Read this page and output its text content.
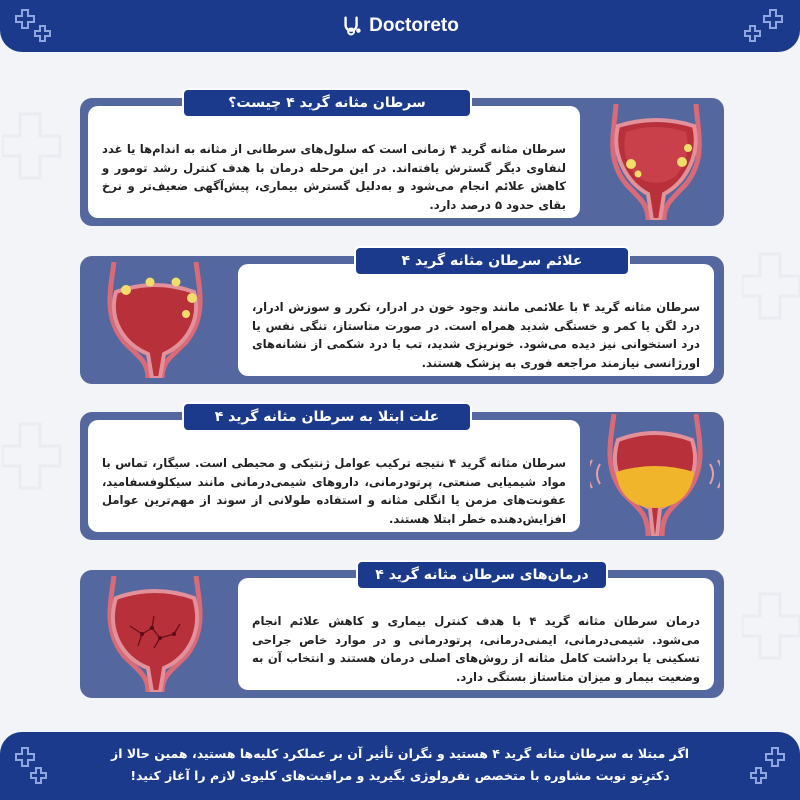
Doctoreto
سرطان مثانه گرید ۴ زمانی است که سلول‌های سرطانی از مثانه به اندام‌ها یا غدد لنفاوی دیگر گسترش یافته‌اند. در این مرحله درمان با هدف کنترل رشد تومور و کاهش علائم انجام می‌شود و به‌دلیل گسترش بیماری، پیش‌آگهی ضعیف‌تر و نرخ بقای حدود ۵ درصد دارد.
سرطان مثانه گرید ۴ چیست؟
سرطان مثانه گرید ۴ با علائمی مانند وجود خون در ادرار، تکرر و سوزش ادرار، درد لگن یا کمر و خستگی شدید همراه است. در صورت متاستاز، تنگی نفس یا درد استخوانی نیز دیده می‌شود. خونریزی شدید، تب یا درد شکمی از نشانه‌های اورژانسی نیازمند مراجعه فوری به پزشک هستند.
علائم سرطان مثانه گرید ۴
سرطان مثانه گرید ۴ نتیجه ترکیب عوامل ژنتیکی و محیطی است. سیگار، تماس با مواد شیمیایی صنعتی، پرتودرمانی، داروهای شیمی‌درمانی مانند سیکلوفسفامید، عفونت‌های مزمن یا انگلی مثانه و استفاده طولانی از سوند از مهم‌ترین عوامل افزایش‌دهنده خطر ابتلا هستند.
علت ابتلا به سرطان مثانه گرید ۴
درمان سرطان مثانه گرید ۴ با هدف کنترل بیماری و کاهش علائم انجام می‌شود. شیمی‌درمانی، ایمنی‌درمانی، پرتودرمانی و در موارد خاص جراحی تسکینی یا برداشت کامل مثانه از روش‌های اصلی درمان هستند و انتخاب آن به وضعیت بیمار و میزان متاستاز بستگی دارد.
درمان‌های سرطان مثانه گرید ۴
اگر مبتلا به سرطان مثانه گرید ۴ هستید و نگران تأثیر آن بر عملکرد کلیه‌ها هستید، همین حالا از
دکترِتو نوبت مشاوره با متخصص نفرولوژی بگیرید و مراقبت‌های کلیوی لازم را آغاز کنید!
